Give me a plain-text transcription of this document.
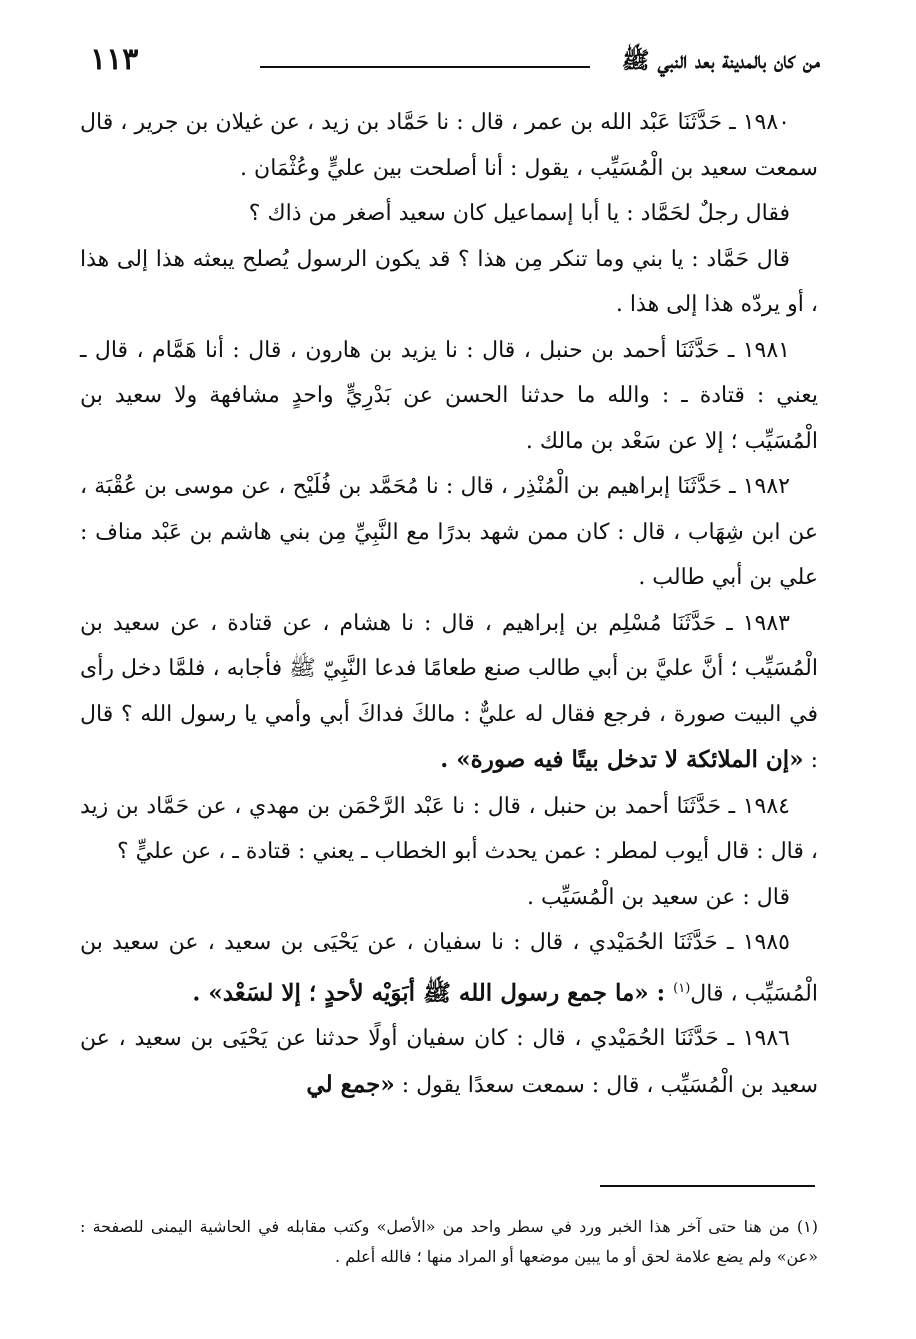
١١٣	من كان بالمدينة بعد النبي ﷺ

١٩٨٠ ـ حَدَّثَنَا عَبْد الله بن عمر ، قال : نا حَمَّاد بن زيد ، عن غيلان بن جرير ، قال سمعت سعيد بن الْمُسَيِّب ، يقول : أنا أصلحت بين عليٍّ وعُثْمَان .

فقال رجلٌ لحَمَّاد : يا أبا إسماعيل كان سعيد أصغر من ذاك ؟

قال حَمَّاد : يا بني وما تنكر مِن هذا ؟ قد يكون الرسول يُصلح يبعثه هذا إلى هذا ، أو يردّه هذا إلى هذا .

١٩٨١ ـ حَدَّثَنَا أحمد بن حنبل ، قال : نا يزيد بن هارون ، قال : أنا هَمَّام ، قال ـ يعني : قتادة ـ : والله ما حدثنا الحسن عن بَدْرِيٍّ واحدٍ مشافهة ولا سعيد بن الْمُسَيِّب ؛ إلا عن سَعْد بن مالك .

١٩٨٢ ـ حَدَّثَنَا إبراهيم بن الْمُنْذِر ، قال : نا مُحَمَّد بن فُلَيْح ، عن موسى بن عُقْبَة ، عن ابن شِهَاب ، قال : كان ممن شهد بدرًا مع النَّبِيِّ مِن بني هاشم بن عَبْد مناف : علي بن أبي طالب .

١٩٨٣ ـ حَدَّثَنَا مُسْلِم بن إبراهيم ، قال : نا هشام ، عن قتادة ، عن سعيد بن الْمُسَيِّب ؛ أنَّ عليَّ بن أبي طالب صنع طعامًا فدعا النَّبِيّ ﷺ فأجابه ، فلمَّا دخل رأى في البيت صورة ، فرجع فقال له عليٌّ : مالكَ فداكَ أبي وأمي يا رسول الله ؟ قال : «إن الملائكة لا تدخل بيتًا فيه صورة» .

١٩٨٤ ـ حَدَّثَنَا أحمد بن حنبل ، قال : نا عَبْد الرَّحْمَن بن مهدي ، عن حَمَّاد بن زيد ، قال : قال أيوب لمطر : عمن يحدث أبو الخطاب ـ يعني : قتادة ـ ، عن عليٍّ ؟

قال : عن سعيد بن الْمُسَيِّب .

١٩٨٥ ـ حَدَّثَنَا الحُمَيْدي ، قال : نا سفيان ، عن يَحْيَى بن سعيد ، عن سعيد بن الْمُسَيِّب ، قال$^{(١)}$ : «ما جمع رسول الله ﷺ أبَوَيْه لأحدٍ ؛ إلا لسَعْد» .

١٩٨٦ ـ حَدَّثَنَا الحُمَيْدي ، قال : كان سفيان أولًا حدثنا عن يَحْيَى بن سعيد ، عن سعيد بن الْمُسَيِّب ، قال : سمعت سعدًا يقول : «جمع لي

(١) من هنا حتى آخر هذا الخبر ورد في سطر واحد من «الأصل» وكتب مقابله في الحاشية اليمنى للصفحة : «عن» ولم يضع علامة لحق أو ما يبين موضعها أو المراد منها ؛ فالله أعلم .
